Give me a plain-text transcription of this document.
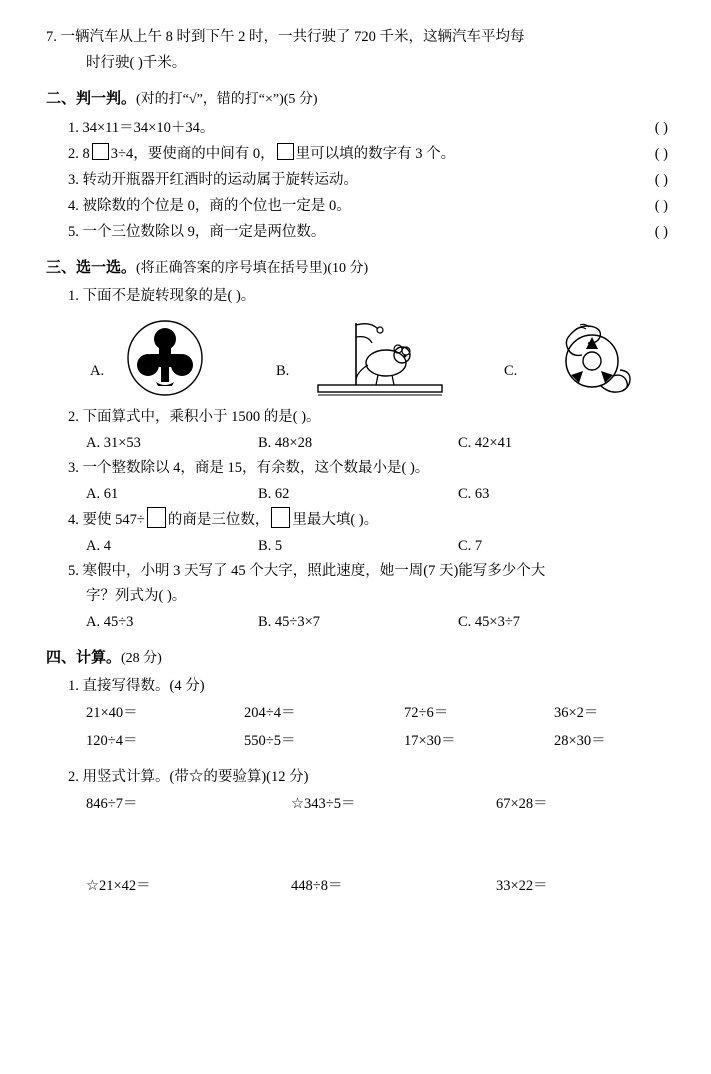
7. 一辆汽车从上午 8 时到下午 2 时，一共行驶了 720 千米，这辆汽车平均每
时行驶( )千米。
二、判一判。(对的打“√”，错的打“×”)(5 分)
1. 34×11＝34×10＋34。	( )
2. 8 3÷4，要使商的中间有 0， 里可以填的数字有 3 个。	( )
3. 转动开瓶器开红酒时的运动属于旋转运动。	( )
4. 被除数的个位是 0，商的个位也一定是 0。	( )
5. 一个三位数除以 9，商一定是两位数。	( )
三、选一选。(将正确答案的序号填在括号里)(10 分)
1. 下面不是旋转现象的是( )。
A.	B.	C.
2. 下面算式中，乘积小于 1500 的是( )。
A. 31×53	B. 48×28	C. 42×41
3. 一个整数除以 4，商是 15，有余数，这个数最小是( )。
A. 61	B. 62	C. 63
4. 要使 547÷ 的商是三位数， 里最大填( )。
A. 4	B. 5	C. 7
5. 寒假中，小明 3 天写了 45 个大字，照此速度，她一周(7 天)能写多少个大
字？列式为( )。
A. 45÷3	B. 45÷3×7	C. 45×3÷7
四、计算。(28 分)
1. 直接写得数。(4 分)
21×40＝	204÷4＝	72÷6＝	36×2＝
120÷4＝	550÷5＝	17×30＝	28×30＝
2. 用竖式计算。(带☆的要验算)(12 分)
846÷7＝	☆343÷5＝	67×28＝
☆21×42＝	448÷8＝	33×22＝
